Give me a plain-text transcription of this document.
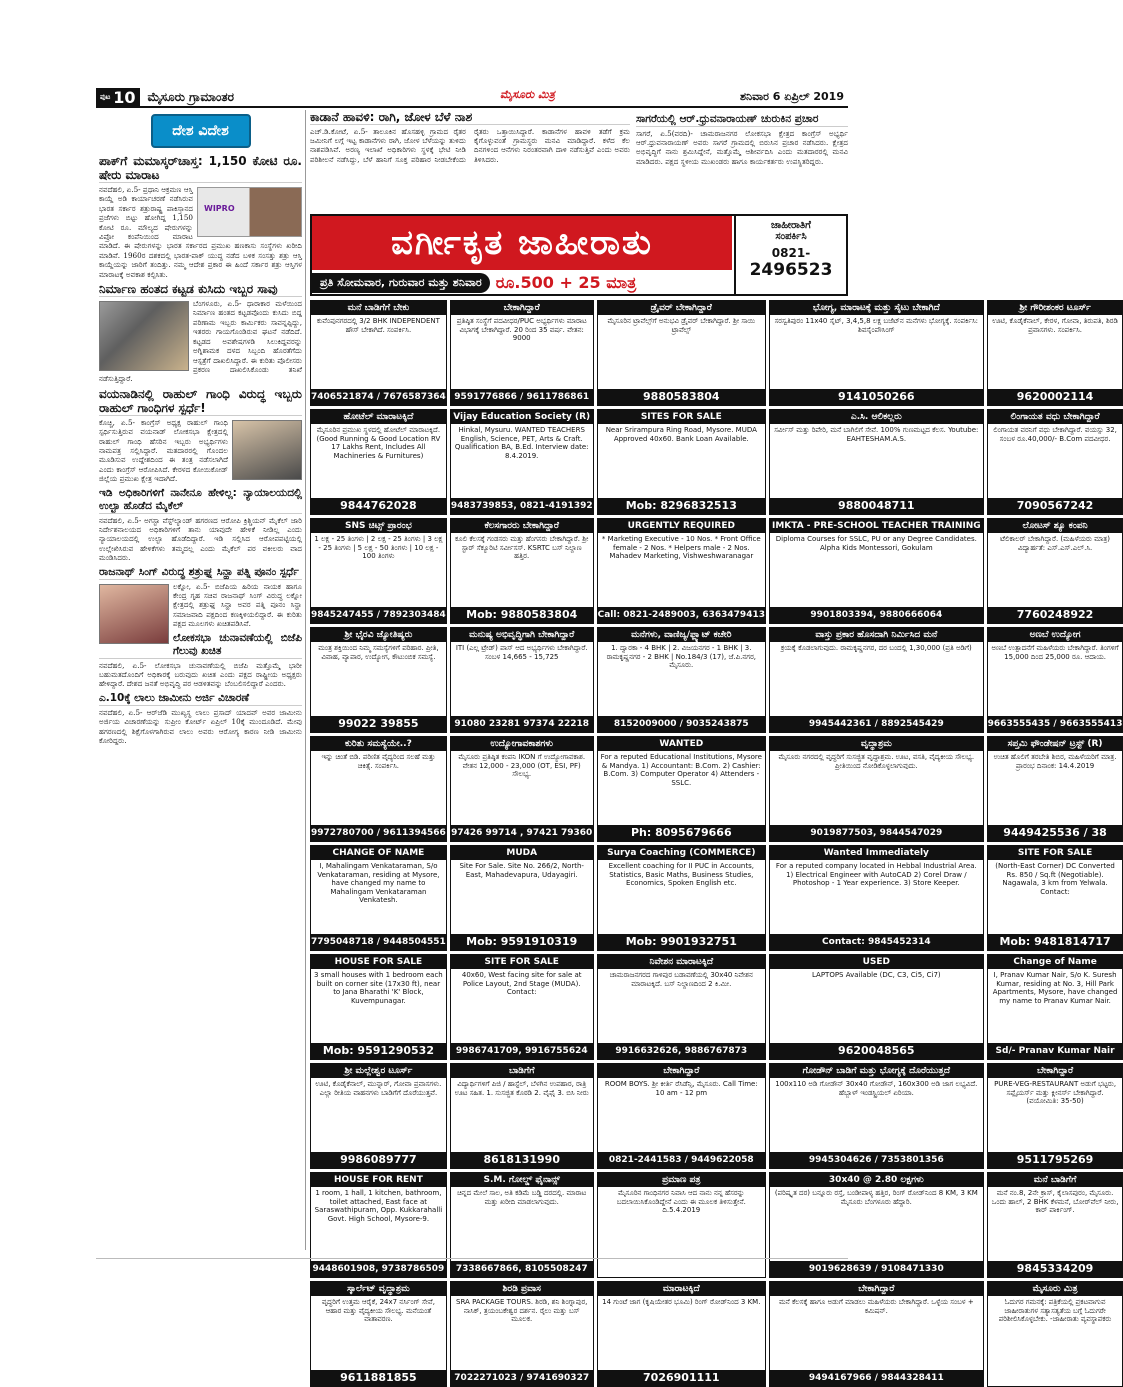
ಪುಟ 10 ಮೈಸೂರು ಗ್ರಾಮಾಂತರ	ಮೈಸೂರು ಮಿತ್ರ	ಶನಿವಾರ 6 ಏಪ್ರಿಲ್ 2019
ದೇಶ ವಿದೇಶ
ಪಾಕ್‌ಗೆ ಮಮಾಸ್ಕರ್‌ಚಾಸ್ತ: 1,150 ಕೋಟಿ ರೂ. ಷೇರು ಮಾರಾಟ
WIPRO

ನವದೆಹಲಿ, ಏ.5- ಪ್ರಧಾನಿ ಆಕ್ರಮಣ ಆಸ್ತಿ ಕಾಯ್ದೆ ಅಡಿ ಕಾರ್ಯಾಚರಣೆ ನಡೆಸಿರುವ ಭಾರತ ಸರ್ಕಾರ ಶತ್ರುರಾಷ್ಟ್ರ ಪಾಕಿಸ್ತಾನದ ಪ್ರಜೆಗಳು ಬಿಟ್ಟು ಹೋಗಿದ್ದ 1,150 ಕೋಟಿ ರೂ. ಮೌಲ್ಯದ ಷೇರುಗಳನ್ನು ವಿಪ್ರೋ ಕಂಪೆನಿಯಿಂದ ಮಾರಾಟ ಮಾಡಿದೆ. ಈ ಷೇರುಗಳನ್ನು ಭಾರತ ಸರ್ಕಾರದ ಪ್ರಮುಖ ಹಣಕಾಸು ಸಂಸ್ಥೆಗಳು ಖರೀದಿ ಮಾಡಿವೆ. 1960ರ ದಶಕದಲ್ಲಿ ಭಾರತ-ಪಾಕ್ ಯುದ್ಧ ನಡೆದ ಬಳಿಕ ಸಂಸತ್ತು ಶತ್ರು ಆಸ್ತಿ ಕಾಯ್ದೆಯನ್ನು ಜಾರಿಗೆ ತಂದಿತ್ತು. ನಮ್ಮ ಆದೇಶ ಪ್ರಕಾರ ಈ ಹಿಂದೆ ಸರ್ಕಾರ ಶತ್ರು ಆಸ್ತಿಗಳ ಮಾರಾಟಕ್ಕೆ ಅವಕಾಶ ಕಲ್ಪಿಸಿತು.

ನಿರ್ಮಾಣ ಹಂತದ ಕಟ್ಟಡ ಕುಸಿದು ಇಬ್ಬರ ಸಾವು

ಬೆಂಗಳೂರು, ಏ.5- ಧಾರಾಕಾರ ಮಳೆಯಿಂದ ನಿರ್ಮಾಣ ಹಂತದ ಕಟ್ಟಡವೊಂದು ಕುಸಿದು ಬಿದ್ದ ಪರಿಣಾಮ ಇಬ್ಬರು ಕಾರ್ಮಿಕರು ಸಾವನ್ನಪ್ಪಿದ್ದು, ಇತರರು ಗಾಯಗೊಂಡಿರುವ ಘಟನೆ ನಡೆದಿದೆ. ಕಟ್ಟಡದ ಅವಶೇಷಗಳಡಿ ಸಿಲುಕಿದ್ದವರನ್ನು ಅಗ್ನಿಶಾಮಕ ದಳದ ಸಿಬ್ಬಂದಿ ಹೊರತೆಗೆದು ಆಸ್ಪತ್ರೆಗೆ ದಾಖಲಿಸಿದ್ದಾರೆ. ಈ ಕುರಿತು ಪೊಲೀಸರು ಪ್ರಕರಣ ದಾಖಲಿಸಿಕೊಂಡು ತನಿಖೆ ನಡೆಸುತ್ತಿದ್ದಾರೆ.

ವಯನಾಡಿನಲ್ಲಿ ರಾಹುಲ್ ಗಾಂಧಿ ವಿರುದ್ಧ ಇಬ್ಬರು ರಾಹುಲ್ ಗಾಂಧಿಗಳ ಸ್ಪರ್ಧೆ!

ಕೊಚ್ಚಿ, ಏ.5- ಕಾಂಗ್ರೆಸ್ ಅಧ್ಯಕ್ಷ ರಾಹುಲ್ ಗಾಂಧಿ ಸ್ಪರ್ಧಿಸುತ್ತಿರುವ ವಯನಾಡ್ ಲೋಕಸಭಾ ಕ್ಷೇತ್ರದಲ್ಲಿ ರಾಹುಲ್ ಗಾಂಧಿ ಹೆಸರಿನ ಇಬ್ಬರು ಅಭ್ಯರ್ಥಿಗಳು ನಾಮಪತ್ರ ಸಲ್ಲಿಸಿದ್ದಾರೆ. ಮತದಾರರಲ್ಲಿ ಗೊಂದಲ ಮೂಡಿಸುವ ಉದ್ದೇಶದಿಂದ ಈ ತಂತ್ರ ನಡೆಸಲಾಗಿದೆ ಎಂದು ಕಾಂಗ್ರೆಸ್ ಆರೋಪಿಸಿದೆ. ಕೇರಳದ ಕೋಯಿಕೋಡ್ ಜಿಲ್ಲೆಯ ಪ್ರಮುಖ ಕ್ಷೇತ್ರ ಇದಾಗಿದೆ.

ಇಡಿ ಅಧಿಕಾರಿಗಳಿಗೆ ನಾನೇನೂ ಹೇಳಿಲ್ಲ: ನ್ಯಾಯಾಲಯದಲ್ಲಿ ಉಲ್ಟಾ ಹೊಡೆದ ಮೈಕೆಲ್

ನವದೆಹಲಿ, ಏ.5- ಅಗಸ್ಟಾ ವೆಸ್ಟ್‌ಲ್ಯಾಂಡ್ ಹಗರಣದ ಆರೋಪಿ ಕ್ರಿಶ್ಚಿಯನ್ ಮೈಕೆಲ್ ಜಾರಿ ನಿರ್ದೇಶನಾಲಯದ ಅಧಿಕಾರಿಗಳಿಗೆ ತಾನು ಯಾವುದೇ ಹೇಳಿಕೆ ನೀಡಿಲ್ಲ ಎಂದು ನ್ಯಾಯಾಲಯದಲ್ಲಿ ಉಲ್ಟಾ ಹೊಡೆದಿದ್ದಾರೆ. ಇಡಿ ಸಲ್ಲಿಸಿದ ಆರೋಪಪಟ್ಟಿಯಲ್ಲಿ ಉಲ್ಲೇಖಿಸಿರುವ ಹೇಳಿಕೆಗಳು ತಮ್ಮದಲ್ಲ ಎಂದು ಮೈಕೆಲ್ ಪರ ವಕೀಲರು ವಾದ ಮಂಡಿಸಿದರು.

ರಾಜನಾಥ್ ಸಿಂಗ್ ವಿರುದ್ಧ ಶತ್ರುಘ್ನ ಸಿನ್ಹಾ ಪತ್ನಿ ಪೂನಂ ಸ್ಪರ್ಧೆ

ಲಕ್ನೋ, ಏ.5- ಬಿಜೆಪಿಯ ಹಿರಿಯ ನಾಯಕ ಹಾಗೂ ಕೇಂದ್ರ ಗೃಹ ಸಚಿವ ರಾಜನಾಥ್ ಸಿಂಗ್ ವಿರುದ್ಧ ಲಕ್ನೋ ಕ್ಷೇತ್ರದಲ್ಲಿ ಶತ್ರುಘ್ನ ಸಿನ್ಹಾ ಅವರ ಪತ್ನಿ ಪೂನಂ ಸಿನ್ಹಾ ಸಮಾಜವಾದಿ ಪಕ್ಷದಿಂದ ಕಣಕ್ಕಿಳಿಯಲಿದ್ದಾರೆ. ಈ ಕುರಿತು ಪಕ್ಷದ ಮೂಲಗಳು ಖಚಿತಪಡಿಸಿವೆ.

ಲೋಕಸಭಾ ಚುನಾವಣೆಯಲ್ಲಿ ಬಿಜೆಪಿ ಗೆಲುವು ಖಚಿತ

ನವದೆಹಲಿ, ಏ.5- ಲೋಕಸಭಾ ಚುನಾವಣೆಯಲ್ಲಿ ಬಿಜೆಪಿ ಮತ್ತೊಮ್ಮೆ ಭಾರೀ ಬಹುಮತದೊಂದಿಗೆ ಅಧಿಕಾರಕ್ಕೆ ಬರುವುದು ಖಚಿತ ಎಂದು ಪಕ್ಷದ ರಾಷ್ಟ್ರೀಯ ಅಧ್ಯಕ್ಷರು ಹೇಳಿದ್ದಾರೆ. ದೇಶದ ಜನತೆ ಅಭಿವೃದ್ಧಿ ಪರ ಆಡಳಿತವನ್ನು ಬೆಂಬಲಿಸಲಿದ್ದಾರೆ ಎಂದರು.

ಎ.10ಕ್ಕೆ ಲಾಲು ಜಾಮೀನು ಅರ್ಜಿ ವಿಚಾರಣೆ

ನವದೆಹಲಿ, ಏ.5- ಆರ್‌ಜೆಡಿ ಮುಖ್ಯಸ್ಥ ಲಾಲು ಪ್ರಸಾದ್ ಯಾದವ್ ಅವರ ಜಾಮೀನು ಅರ್ಜಿಯ ವಿಚಾರಣೆಯನ್ನು ಸುಪ್ರೀಂ ಕೋರ್ಟ್ ಏಪ್ರಿಲ್ 10ಕ್ಕೆ ಮುಂದೂಡಿದೆ. ಮೇವು ಹಗರಣದಲ್ಲಿ ಶಿಕ್ಷೆಗೊಳಗಾಗಿರುವ ಲಾಲು ಅವರು ಆರೋಗ್ಯ ಕಾರಣ ನೀಡಿ ಜಾಮೀನು ಕೋರಿದ್ದರು.

ಕಾಡಾನೆ ಹಾವಳಿ: ರಾಗಿ, ಜೋಳ ಬೆಳೆ ನಾಶ
ಎಚ್.ಡಿ.ಕೋಟೆ, ಏ.5- ತಾಲೂಕಿನ ಹೊಸಹಳ್ಳಿ ಗ್ರಾಮದ ರೈತರ ಜಮೀನಿಗೆ ಲಗ್ಗೆ ಇಟ್ಟ ಕಾಡಾನೆಗಳು ರಾಗಿ, ಜೋಳ ಬೆಳೆಯನ್ನು ತುಳಿದು ನಾಶಪಡಿಸಿವೆ. ಅರಣ್ಯ ಇಲಾಖೆ ಅಧಿಕಾರಿಗಳು ಸ್ಥಳಕ್ಕೆ ಭೇಟಿ ನೀಡಿ ಪರಿಶೀಲನೆ ನಡೆಸಿದ್ದು, ಬೆಳೆ ಹಾನಿಗೆ ಸೂಕ್ತ ಪರಿಹಾರ ನೀಡಬೇಕೆಂದು ರೈತರು ಒತ್ತಾಯಿಸಿದ್ದಾರೆ. ಕಾಡಾನೆಗಳ ಹಾವಳಿ ತಡೆಗೆ ಕ್ರಮ ಕೈಗೊಳ್ಳುವಂತೆ ಗ್ರಾಮಸ್ಥರು ಮನವಿ ಮಾಡಿದ್ದಾರೆ. ಕಳೆದ ಕೆಲ ದಿನಗಳಿಂದ ಆನೆಗಳು ನಿರಂತರವಾಗಿ ದಾಳಿ ನಡೆಸುತ್ತಿವೆ ಎಂದು ಅವರು ತಿಳಿಸಿದರು.
ಸಾಗರೆಯಲ್ಲಿ ಆರ್.ಧ್ರುವನಾರಾಯಣ್ ಚುರುಕಿನ ಪ್ರಚಾರ

ಸಾಗರೆ, ಏ.5(ವರದಿ)- ಚಾಮರಾಜನಗರ ಲೋಕಸಭಾ ಕ್ಷೇತ್ರದ ಕಾಂಗ್ರೆಸ್ ಅಭ್ಯರ್ಥಿ ಆರ್.ಧ್ರುವನಾರಾಯಣ್ ಅವರು ಸಾಗರೆ ಗ್ರಾಮದಲ್ಲಿ ಬಿರುಸಿನ ಪ್ರಚಾರ ನಡೆಸಿದರು. ಕ್ಷೇತ್ರದ ಅಭಿವೃದ್ಧಿಗೆ ನಾನು ಶ್ರಮಿಸಿದ್ದೇನೆ, ಮತ್ತೊಮ್ಮೆ ಆಶೀರ್ವದಿಸಿ ಎಂದು ಮತದಾರರಲ್ಲಿ ಮನವಿ ಮಾಡಿದರು. ಪಕ್ಷದ ಸ್ಥಳೀಯ ಮುಖಂಡರು ಹಾಗೂ ಕಾರ್ಯಕರ್ತರು ಉಪಸ್ಥಿತರಿದ್ದರು.

ವರ್ಗೀಕೃತ ಜಾಹೀರಾತು
ಪ್ರತಿ ಸೋಮವಾರ, ಗುರುವಾರ ಮತ್ತು ಶನಿವಾರ ರೂ.500 + 25 ಮಾತ್ರ
ಜಾಹೀರಾತಿಗೆ
ಸಂಪರ್ಕಿಸಿ
0821-
2496523
ಮನೆ ಬಾಡಿಗೆಗೆ ಬೇಕು
ಕುವೆಂಪುನಗರದಲ್ಲಿ 3/2 BHK INDEPENDENT ಹೌಸ್ ಬೇಕಾಗಿದೆ. ಸಂಪರ್ಕಿಸಿ.
7406521874 / 7676587364
ಬೇಕಾಗಿದ್ದಾರೆ
ಪ್ರತಿಷ್ಠಿತ ಸಂಸ್ಥೆಗೆ ಪದವೀಧರ/PUC ಅಭ್ಯರ್ಥಿಗಳು ಮಾರಾಟ ವಿಭಾಗಕ್ಕೆ ಬೇಕಾಗಿದ್ದಾರೆ. 20 ರಿಂದ 35 ವರ್ಷ. ವೇತನ: 9000
9591776866 / 9611786861
ಡ್ರೈವರ್ ಬೇಕಾಗಿದ್ದಾರೆ
ಮೈಸೂರಿನ ಟ್ರಾವೆಲ್ಸ್‌ಗೆ ಅನುಭವಿ ಡ್ರೈವರ್ ಬೇಕಾಗಿದ್ದಾರೆ. ಶ್ರೀ ಸಾಯಿ ಟ್ರಾವೆಲ್ಸ್
9880583804
ಭೋಗ್ಯ, ಮಾರಾಟಕ್ಕೆ ಮತ್ತು ಸೈಟು ಬೇಕಾಗಿದೆ
ಸರಸ್ವತಿಪುರಂ 11x40 ಸೈಟ್, 3,4,5,8 ಲಕ್ಷ ಬಜೆಟ್‌ನ ಮನೆಗಳು ಭೋಗ್ಯಕ್ಕೆ. ಸಂಪರ್ಕಿಸಿ: ಶಿವಸೈಂಪೌಸಿಂಗ್
9141050266
ಶ್ರೀ ಗೌರೀಶಂಕರ ಟೂರ್ಸ್
ಊಟಿ, ಕೊಡೈಕೆನಾಲ್, ಕೇರಳ, ಗೋವಾ, ತಿರುಪತಿ, ಶಿರಡಿ ಪ್ರವಾಸಗಳು. ಸಂಪರ್ಕಿಸಿ.
9620002114
ಹೋಟೆಲ್ ಮಾರಾಟಕ್ಕಿದೆ
ಮೈಸೂರಿನ ಪ್ರಮುಖ ಸ್ಥಳದಲ್ಲಿ ಹೋಟೆಲ್ ಮಾರಾಟಕ್ಕಿದೆ. (Good Running & Good Location RV 17 Lakhs Rent, Includes All Machineries & Furnitures)
9844762028
Vijay Education Society (R)
Hinkal, Mysuru. WANTED TEACHERS English, Science, PET, Arts & Craft. Qualification BA, B.Ed. Interview date: 8.4.2019.
9483739853, 0821-4191392
SITES FOR SALE
Near Srirampura Ring Road, Mysore. MUDA Approved 40x60. Bank Loan Available.
Mob: 8296832513
ಎ.ಸಿ. ಆಲಿಕಲ್ಲರು
ಸರ್ವೀಸ್ ಮತ್ತು ರಿಪೇರಿ, ಮನೆ ಬಾಗಿಲಿಗೆ ಸೇವೆ. 100% ಗುಣಮಟ್ಟದ ಕೆಲಸ. Youtube: EAHTESHAM.A.S.
9880048711
ಲಿಂಗಾಯತ ವಧು ಬೇಕಾಗಿದ್ದಾರೆ
ಲಿಂಗಾಯತ ವರನಿಗೆ ವಧು ಬೇಕಾಗಿದ್ದಾರೆ. ವಯಸ್ಸು 32, ಸಂಬಳ ರೂ.40,000/- B.Com ಪದವೀಧರ.
7090567242
SNS ಚಿಟ್ಸ್ ಪ್ರಾರಂಭ
1 ಲಕ್ಷ - 25 ತಿಂಗಳು | 2 ಲಕ್ಷ - 25 ತಿಂಗಳು | 3 ಲಕ್ಷ - 25 ತಿಂಗಳು | 5 ಲಕ್ಷ - 50 ತಿಂಗಳು | 10 ಲಕ್ಷ - 100 ತಿಂಗಳು
9845247455 / 7892303484
ಕೆಲಸಗಾರರು ಬೇಕಾಗಿದ್ದಾರೆ
ಕೂಲಿ ಕೆಲಸಕ್ಕೆ ಗಂಡಸರು ಮತ್ತು ಹೆಂಗಸರು ಬೇಕಾಗಿದ್ದಾರೆ. ಶ್ರೀ ಸ್ಟಾರ್ ಸೆಕ್ಯೂರಿಟಿ ಸರ್ವೀಸಸ್. KSRTC ಬಸ್ ನಿಲ್ದಾಣ ಹತ್ತಿರ.
Mob: 9880583804
URGENTLY REQUIRED
* Marketing Executive - 10 Nos. * Front Office female - 2 Nos. * Helpers male - 2 Nos. Mahadev Marketing, Vishweshwaranagar
Call: 0821-2489003, 6363479413
IMKTA - PRE-SCHOOL TEACHER TRAINING
Diploma Courses for SSLC, PU or any Degree Candidates. Alpha Kids Montessori, Gokulam
9901803394, 9880666064
ಲೋಟಸ್ ಶ್ಯೂ ಕಂಪನಿ
ಟೆಲಿಕಾಲರ್ ಬೇಕಾಗಿದ್ದಾರೆ. (ಮಹಿಳೆಯರು ಮಾತ್ರ) ವಿದ್ಯಾರ್ಹತೆ: ಎಸ್.ಎಸ್.ಎಲ್.ಸಿ.
7760248922
ಶ್ರೀ ಭೈರವಿ ಜ್ಯೋತಿಷ್ಯರು
ಮಂತ್ರ ಶಕ್ತಿಯಿಂದ ನಿಮ್ಮ ಸಮಸ್ಯೆಗಳಿಗೆ ಪರಿಹಾರ. ಪ್ರೀತಿ, ವಿವಾಹ, ವ್ಯಾಪಾರ, ಉದ್ಯೋಗ, ಕೌಟುಂಬಿಕ ಸಮಸ್ಯೆ.
99022 39855
ಮನುಷ್ಯ ಅಭಿವೃದ್ಧಿಗಾಗಿ ಬೇಕಾಗಿದ್ದಾರೆ
ITI (ಎಲ್ಲ ಟ್ರೇಡ್) ಪಾಸ್ ಆದ ಅಭ್ಯರ್ಥಿಗಳು ಬೇಕಾಗಿದ್ದಾರೆ. ಸಂಬಳ 14,665 - 15,725
91080 23281 97374 22218
ಮನೆಗಳು, ವಾಣಿಜ್ಯ/ಫ್ಲ್ಯಾಟ್ ಕಚೇರಿ
1. ದ್ವಾರಕಾ - 4 BHK | 2. ವಿಜಯನಗರ - 1 BHK | 3. ರಾಮಕೃಷ್ಣನಗರ - 2 BHK | No.184/3 (17), ಜೆ.ಪಿ.ನಗರ, ಮೈಸೂರು.
8152009000 / 9035243875
ವಾಸ್ತು ಪ್ರಕಾರ ಹೊಸದಾಗಿ ನಿರ್ಮಿಸಿದ ಮನೆ
ಕ್ರಯಕ್ಕೆ ಕೊಡಲಾಗುವುದು. ರಾಮಕೃಷ್ಣನಗರ, ದರ ಬಂದಲ್ಲಿ 1,30,000 (ಪ್ರತಿ ಅಡಿಗೆ)
9945442361 / 8892545429
ಅಣಬೆ ಉದ್ಯೋಗ
ಅಣಬೆ ಉತ್ಪಾದನೆಗೆ ಮಹಿಳೆಯರು ಬೇಕಾಗಿದ್ದಾರೆ. ತಿಂಗಳಿಗೆ 15,000 ದಿಂದ 25,000 ರೂ. ಆದಾಯ.
9663555435 / 9663555413
ಕುರಿತು ಸಮಸ್ಯೆಯೇ..?
ಇನ್ನು ಚಿಂತೆ ಬಿಡಿ. ಪರಿಣಿತ ವೈದ್ಯರಿಂದ ಸಲಹೆ ಮತ್ತು ಚಿಕಿತ್ಸೆ. ಸಂಪರ್ಕಿಸಿ.
9972780700 / 9611394566
ಉದ್ಯೋಗಾವಕಾಶಗಳು
ಮೈಸೂರು ಪ್ರತಿಷ್ಠಿತ ಕಂಪನಿ IKON ಗೆ ಉದ್ಯೋಗಾವಕಾಶ. ವೇತನ 12,000 - 23,000 (OT, ESI, PF) ಸೌಲಭ್ಯ.
97426 99714 , 97421 79360
WANTED
For a reputed Educational Institutions, Mysore & Mandya. 1) Accountant: B.Com. 2) Cashier: B.Com. 3) Computer Operator 4) Attenders - SSLC.
Ph: 8095679666
ವೃದ್ಧಾಶ್ರಮ
ಮೈಸೂರು ನಗರದಲ್ಲಿ ವೃದ್ಧರಿಗೆ ಸುಸಜ್ಜಿತ ವೃದ್ಧಾಶ್ರಮ. ಊಟ, ವಸತಿ, ವೈದ್ಯಕೀಯ ಸೌಲಭ್ಯ. ಪ್ರೀತಿಯಿಂದ ನೋಡಿಕೊಳ್ಳಲಾಗುವುದು.
9019877503, 9844547029
ಸಪ್ತಮಿ ಫೌಂಡೇಷನ್ ಟ್ರಸ್ಟ್ (R)
ಉಚಿತ ಹೊಲಿಗೆ ತರಬೇತಿ ಶಿಬಿರ, ಮಹಿಳೆಯರಿಗೆ ಮಾತ್ರ. ಪ್ರಾರಂಭ ದಿನಾಂಕ: 14.4.2019
9449425536 / 38
CHANGE OF NAME
I, Mahalingam Venkataraman, S/o Venkataraman, residing at Mysore, have changed my name to Mahalingam Venkataraman Venkatesh.
7795048718 / 9448504551
MUDA
Site For Sale. Site No. 266/2, North-East, Mahadevapura, Udayagiri.
Mob: 9591910319
Surya Coaching (COMMERCE)
Excellent coaching for II PUC in Accounts, Statistics, Basic Maths, Business Studies, Economics, Spoken English etc.
Mob: 9901932751
Wanted Immediately
For a reputed company located in Hebbal Industrial Area. 1) Electrical Engineer with AutoCAD 2) Corel Draw / Photoshop - 1 Year experience. 3) Store Keeper.
Contact: 9845452314
SITE FOR SALE
(North-East Corner) DC Converted Rs. 850 / Sq.ft (Negotiable). Nagawala, 3 km from Yelwala. Contact:
Mob: 9481814717
HOUSE FOR SALE
3 small houses with 1 bedroom each built on corner site (17x30 ft), near to Jana Bharathi 'K' Block, Kuvempunagar.
Mob: 9591290532
SITE FOR SALE
40x60, West facing site for sale at Police Layout, 2nd Stage (MUDA). Contact:
9986741709, 9916755624
ನಿವೇಶನ ಮಾರಾಟಕ್ಕಿದೆ
ಚಾಮರಾಜನಗರದ ಗಾಳಿಪುರ ಬಡಾವಣೆಯಲ್ಲಿ 30x40 ನಿವೇಶನ ಮಾರಾಟಕ್ಕಿದೆ. ಬಸ್ ನಿಲ್ದಾಣದಿಂದ 2 ಕಿ.ಮೀ.
9916632626, 9886767873
USED
LAPTOPS Available (DC, C3, Ci5, Ci7)
9620048565
Change of Name
I, Pranav Kumar Nair, S/o K. Suresh Kumar, residing at No. 3, Hill Park Apartments, Mysore, have changed my name to Pranav Kumar Nair.
Sd/- Pranav Kumar Nair
ಶ್ರೀ ಮಲ್ಲೇಶ್ವರ ಟೂರ್ಸ್
ಊಟಿ, ಕೊಡೈಕೆನಾಲ್, ಮುನ್ನಾರ್, ಗೋವಾ ಪ್ರವಾಸಗಳು. ಎಲ್ಲಾ ರೀತಿಯ ವಾಹನಗಳು ಬಾಡಿಗೆಗೆ ದೊರೆಯುತ್ತವೆ.
9986089777
ಬಾಡಿಗೆಗೆ
ವಿದ್ಯಾರ್ಥಿಗಳಿಗೆ ಪಿಜಿ / ಹಾಸ್ಟೆಲ್, ಬೆಳಗಿನ ಉಪಹಾರ, ರಾತ್ರಿ ಊಟ ಸಹಿತ. 1. ಸುಸಜ್ಜಿತ ಕೊಠಡಿ 2. ವೈಫೈ 3. ಬಿಸಿ ನೀರು
8618131990
ಬೇಕಾಗಿದ್ದಾರೆ
ROOM BOYS. ಶ್ರೀ ಕೀರ್ತಿ ರೆಸಿಡೆನ್ಸಿ, ಮೈಸೂರು. Call Time: 10 am - 12 pm
0821-2441583 / 9449622058
ಗೋಡೌನ್ ಬಾಡಿಗೆ ಮತ್ತು ಭೋಗ್ಯಕ್ಕೆ ದೊರೆಯುತ್ತದೆ
100x110 ಅಡಿ ಗೋಡೌನ್ 30x40 ಗೋಡೌನ್, 160x300 ಅಡಿ ಜಾಗ ಲಭ್ಯವಿದೆ. ಹೆಬ್ಬಾಳ್ ಇಂಡಸ್ಟ್ರಿಯಲ್ ಏರಿಯಾ.
9945304626 / 7353801356
ಬೇಕಾಗಿದ್ದಾರೆ
PURE-VEG-RESTAURANT ಅಡುಗೆ ಭಟ್ಟರು, ಸಪ್ಲೈಯರ್ಸ್ ಮತ್ತು ಕ್ಲೀನರ್ಸ್ ಬೇಕಾಗಿದ್ದಾರೆ. (ವಯೋಮಿತಿ: 35-50)
9511795269
HOUSE FOR RENT
1 room, 1 hall, 1 kitchen, bathroom, toilet attached, East face at Saraswathipuram, Opp. Kukkarahalli Govt. High School, Mysore-9.
9448601908, 9738786509
S.M. ಗೋಲ್ಡ್ ಫೈನಾನ್ಸ್
ಚಿನ್ನದ ಮೇಲೆ ಸಾಲ, ಅತಿ ಕಡಿಮೆ ಬಡ್ಡಿ ದರದಲ್ಲಿ. ಮಾರಾಟ ಮತ್ತು ಖರೀದಿ ಮಾಡಲಾಗುವುದು.
7338667866, 8105508247
ಪ್ರಮಾಣ ಪತ್ರ
ಮೈಸೂರಿನ ಗಾಂಧಿನಗರ ನಿವಾಸಿ ಆದ ನಾನು ನನ್ನ ಹೆಸರನ್ನು ಬದಲಾಯಿಸಿಕೊಂಡಿದ್ದೇನೆ ಎಂದು ಈ ಮೂಲಕ ತಿಳಿಸುತ್ತೇನೆ. ದಿ.5.4.2019
30x40 @ 2.80 ಲಕ್ಷಗಳು
(ಪರಿಷ್ಕೃತ ದರ) ಬನ್ನೂರು ರಸ್ತೆ, ಬಂಡೀಪಾಳ್ಯ ಹತ್ತಿರ, ರಿಂಗ್ ರೋಡ್‌ನಿಂದ 8 KM, 3 KM ಮೈಸೂರು ಬೆಂಗಳೂರು ಹೆದ್ದಾರಿ.
9019628639 / 9108471330
ಮನೆ ಬಾಡಿಗೆಗೆ
ಮನೆ ನಂ.8, 2ನೇ ಕ್ರಾಸ್, ಕೈಲಾಸಪುರಂ, ಮೈಸೂರು. ಒಂದು ಹಾಲ್, 2 BHK ಕೆಳಮನೆ, ಬೋರ್‌ವೆಲ್ ನೀರು, ಕಾರ್ ಪಾರ್ಕಿಂಗ್.
9845334209
ಸ್ಕಾರ್ಲೆಟ್ ವೃದ್ಧಾಶ್ರಮ
ವೃದ್ಧರಿಗೆ ಉತ್ತಮ ಆರೈಕೆ, 24x7 ನರ್ಸಿಂಗ್ ಸೇವೆ, ಆಹಾರ ಮತ್ತು ವೈದ್ಯಕೀಯ ಸೌಲಭ್ಯ. ಮನೆಯಂತೆ ವಾತಾವರಣ.
9611881855
ಶಿರಡಿ ಪ್ರವಾಸ
SRA PACKAGE TOURS. ಶಿರಡಿ, ಶನಿ ಶಿಂಗ್ನಾಪುರ, ನಾಸಿಕ್, ತ್ರಯಂಬಕೇಶ್ವರ ದರ್ಶನ. ರೈಲು ಮತ್ತು ಬಸ್ ಮೂಲಕ.
7022271023 / 9741690327
ಮಾರಾಟಕ್ಕಿದೆ
14 ಗುಂಟೆ ಜಾಗ (ಕೃಷಿಯೇತರ ಭೂಮಿ) ರಿಂಗ್ ರೋಡ್‌ನಿಂದ 3 KM.
7026901111
ಬೇಕಾಗಿದ್ದಾರೆ
ಮನೆ ಕೆಲಸಕ್ಕೆ ಹಾಗೂ ಅಡುಗೆ ಮಾಡಲು ಮಹಿಳೆಯರು ಬೇಕಾಗಿದ್ದಾರೆ. ಒಳ್ಳೆಯ ಸಂಬಳ + ಕಮಿಷನ್.
9494167966 / 9844328411
ಮೈಸೂರು ಮಿತ್ರ
ಓದುಗರ ಗಮನಕ್ಕೆ: ಪತ್ರಿಕೆಯಲ್ಲಿ ಪ್ರಕಟವಾಗುವ ಜಾಹೀರಾತುಗಳ ಸತ್ಯಾಸತ್ಯತೆಯ ಬಗ್ಗೆ ಓದುಗರೇ ಪರಿಶೀಲಿಸಿಕೊಳ್ಳಬೇಕು. -ಜಾಹೀರಾತು ವ್ಯವಸ್ಥಾಪಕರು
